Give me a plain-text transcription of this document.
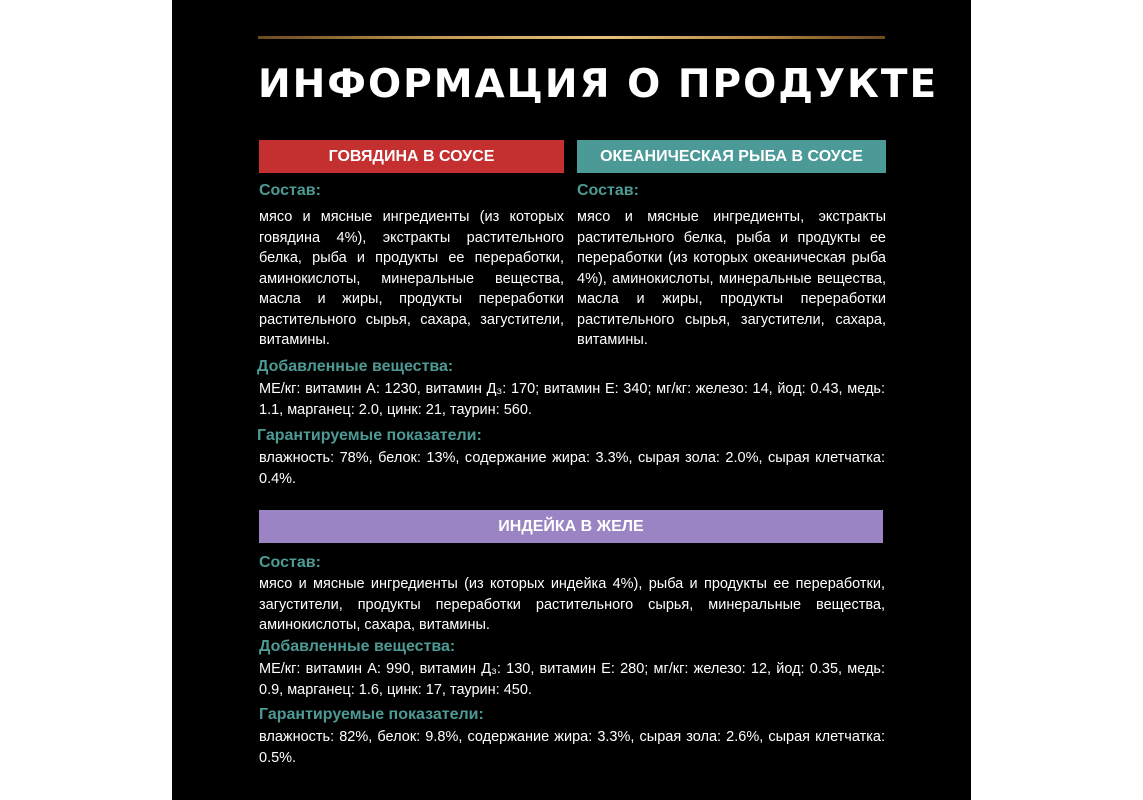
ИНФОРМАЦИЯ О ПРОДУКТЕ
ГОВЯДИНА В СОУСЕ	ОКЕАНИЧЕСКАЯ РЫБА В СОУСЕ
Состав:
мясо и мясные ингредиенты (из которых говядина 4%), экстракты растительного белка, рыба и продукты ее переработки, аминокислоты, минеральные вещества, масла и жиры, продукты переработки растительного сырья, сахара, загустители, витамины.
Состав:
мясо и мясные ингредиенты, экстракты растительного белка, рыба и продукты ее переработки (из которых океаническая рыба 4%), аминокислоты, минеральные вещества, масла и жиры, продукты переработки растительного сырья, загустители, сахара, витамины.
Добавленные вещества:
МЕ/кг: витамин А: 1230, витамин Д₃: 170; витамин Е: 340; мг/кг: железо: 14, йод: 0.43, медь: 1.1, марганец: 2.0, цинк: 21, таурин: 560.
Гарантируемые показатели:
влажность: 78%, белок: 13%, содержание жира: 3.3%, сырая зола: 2.0%, сырая клетчатка: 0.4%.
ИНДЕЙКА В ЖЕЛЕ
Состав:
мясо и мясные ингредиенты (из которых индейка 4%), рыба и продукты ее переработки, загустители, продукты переработки растительного сырья, минеральные вещества, аминокислоты, сахара, витамины.
Добавленные вещества:
МЕ/кг: витамин А: 990, витамин Д₃: 130, витамин Е: 280; мг/кг: железо: 12, йод: 0.35, медь: 0.9, марганец: 1.6, цинк: 17, таурин: 450.
Гарантируемые показатели:
влажность: 82%, белок: 9.8%, содержание жира: 3.3%, сырая зола: 2.6%, сырая клетчатка: 0.5%.
